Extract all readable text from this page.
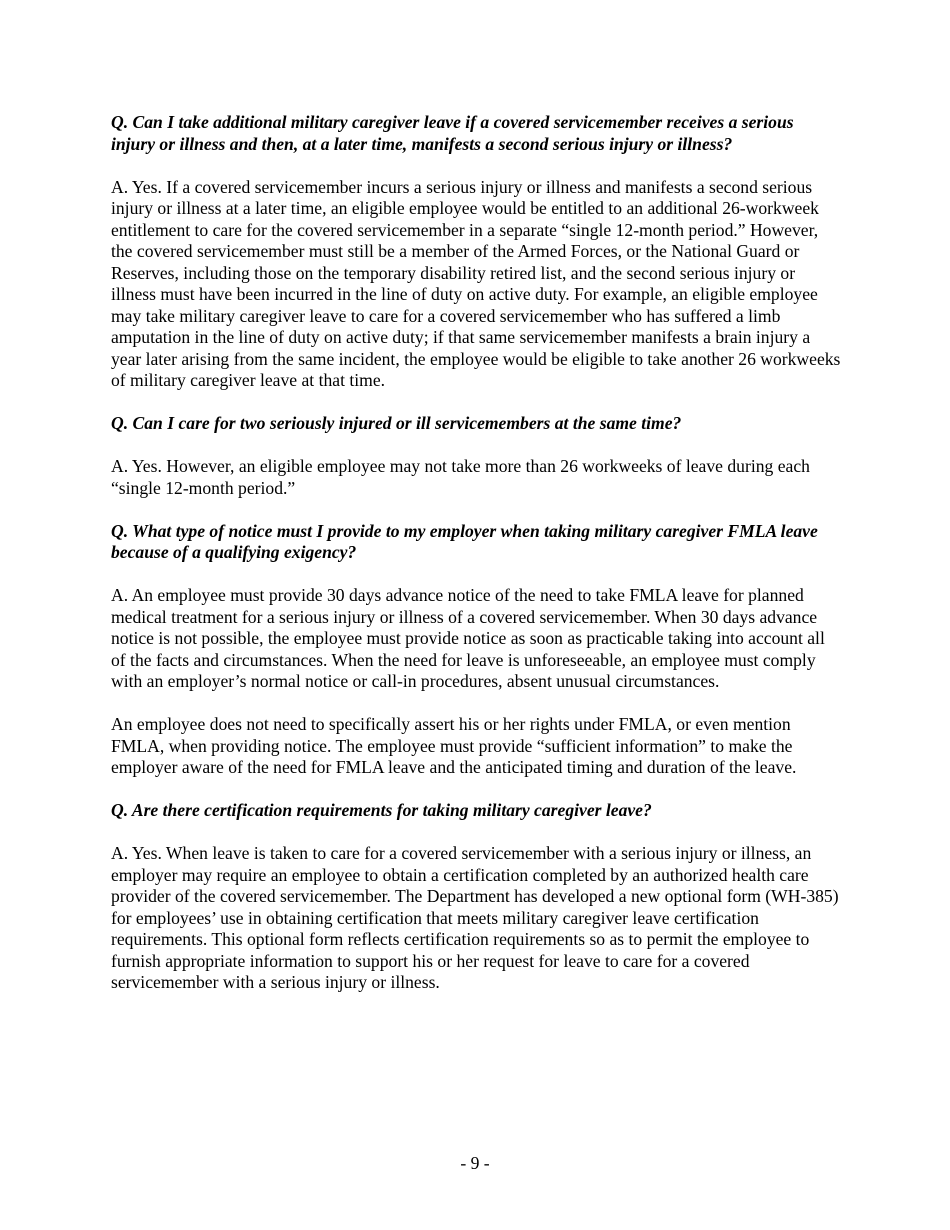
Q. Can I take additional military caregiver leave if a covered servicemember receives a serious injury or illness and then, at a later time, manifests a second serious injury or illness?

A. Yes. If a covered servicemember incurs a serious injury or illness and manifests a second serious injury or illness at a later time, an eligible employee would be entitled to an additional 26-workweek entitlement to care for the covered servicemember in a separate “single 12-month period.” However, the covered servicemember must still be a member of the Armed Forces, or the National Guard or Reserves, including those on the temporary disability retired list, and the second serious injury or illness must have been incurred in the line of duty on active duty. For example, an eligible employee may take military caregiver leave to care for a covered servicemember who has suffered a limb amputation in the line of duty on active duty; if that same servicemember manifests a brain injury a year later arising from the same incident, the employee would be eligible to take another 26 workweeks of military caregiver leave at that time.

Q. Can I care for two seriously injured or ill servicemembers at the same time?

A. Yes. However, an eligible employee may not take more than 26 workweeks of leave during each “single 12-month period.”

Q. What type of notice must I provide to my employer when taking military caregiver FMLA leave because of a qualifying exigency?

A. An employee must provide 30 days advance notice of the need to take FMLA leave for planned medical treatment for a serious injury or illness of a covered servicemember. When 30 days advance notice is not possible, the employee must provide notice as soon as practicable taking into account all of the facts and circumstances. When the need for leave is unforeseeable, an employee must comply with an employer’s normal notice or call-in procedures, absent unusual circumstances.

An employee does not need to specifically assert his or her rights under FMLA, or even mention FMLA, when providing notice. The employee must provide “sufficient information” to make the employer aware of the need for FMLA leave and the anticipated timing and duration of the leave.

Q. Are there certification requirements for taking military caregiver leave?

A. Yes. When leave is taken to care for a covered servicemember with a serious injury or illness, an employer may require an employee to obtain a certification completed by an authorized health care provider of the covered servicemember. The Department has developed a new optional form (WH-385) for employees’ use in obtaining certification that meets military caregiver leave certification requirements. This optional form reflects certification requirements so as to permit the employee to furnish appropriate information to support his or her request for leave to care for a covered servicemember with a serious injury or illness.

- 9 -
